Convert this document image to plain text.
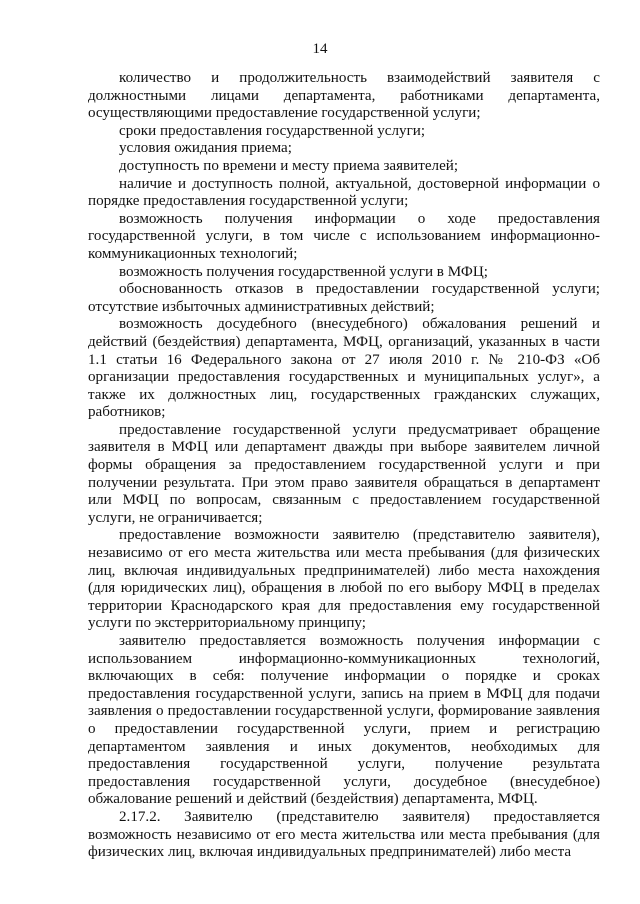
14

количество и продолжительность взаимодействий заявителя с должностными лицами департамента, работниками департамента, осуществляющими предоставление государственной услуги;

сроки предоставления государственной услуги;

условия ожидания приема;

доступность по времени и месту приема заявителей;

наличие и доступность полной, актуальной, достоверной информации о порядке предоставления государственной услуги;

возможность получения информации о ходе предоставления государственной услуги, в том числе с использованием информационно-коммуникационных технологий;

возможность получения государственной услуги в МФЦ;

обоснованность отказов в предоставлении государственной услуги; отсутствие избыточных административных действий;

возможность досудебного (внесудебного) обжалования решений и действий (бездействия) департамента, МФЦ, организаций, указанных в части 1.1 статьи 16 Федерального закона от 27 июля 2010 г. № 210-ФЗ «Об организации предоставления государственных и муниципальных услуг», а также их должностных лиц, государственных гражданских служащих, работников;

предоставление государственной услуги предусматривает обращение заявителя в МФЦ или департамент дважды при выборе заявителем личной формы обращения за предоставлением государственной услуги и при получении результата. При этом право заявителя обращаться в департамент или МФЦ по вопросам, связанным с предоставлением государственной услуги, не ограничивается;

предоставление возможности заявителю (представителю заявителя), независимо от его места жительства или места пребывания (для физических лиц, включая индивидуальных предпринимателей) либо места нахождения (для юридических лиц), обращения в любой по его выбору МФЦ в пределах территории Краснодарского края для предоставления ему государственной услуги по экстерриториальному принципу;

заявителю предоставляется возможность получения информации с использованием информационно-коммуникационных технологий, включающих в себя: получение информации о порядке и сроках предоставления государственной услуги, запись на прием в МФЦ для подачи заявления о предоставлении государственной услуги, формирование заявления о предоставлении государственной услуги, прием и регистрацию департаментом заявления и иных документов, необходимых для предоставления государственной услуги, получение результата предоставления государственной услуги, досудебное (внесудебное) обжалование решений и действий (бездействия) департамента, МФЦ.

2.17.2. Заявителю (представителю заявителя) предоставляется возможность независимо от его места жительства или места пребывания (для физических лиц, включая индивидуальных предпринимателей) либо места
